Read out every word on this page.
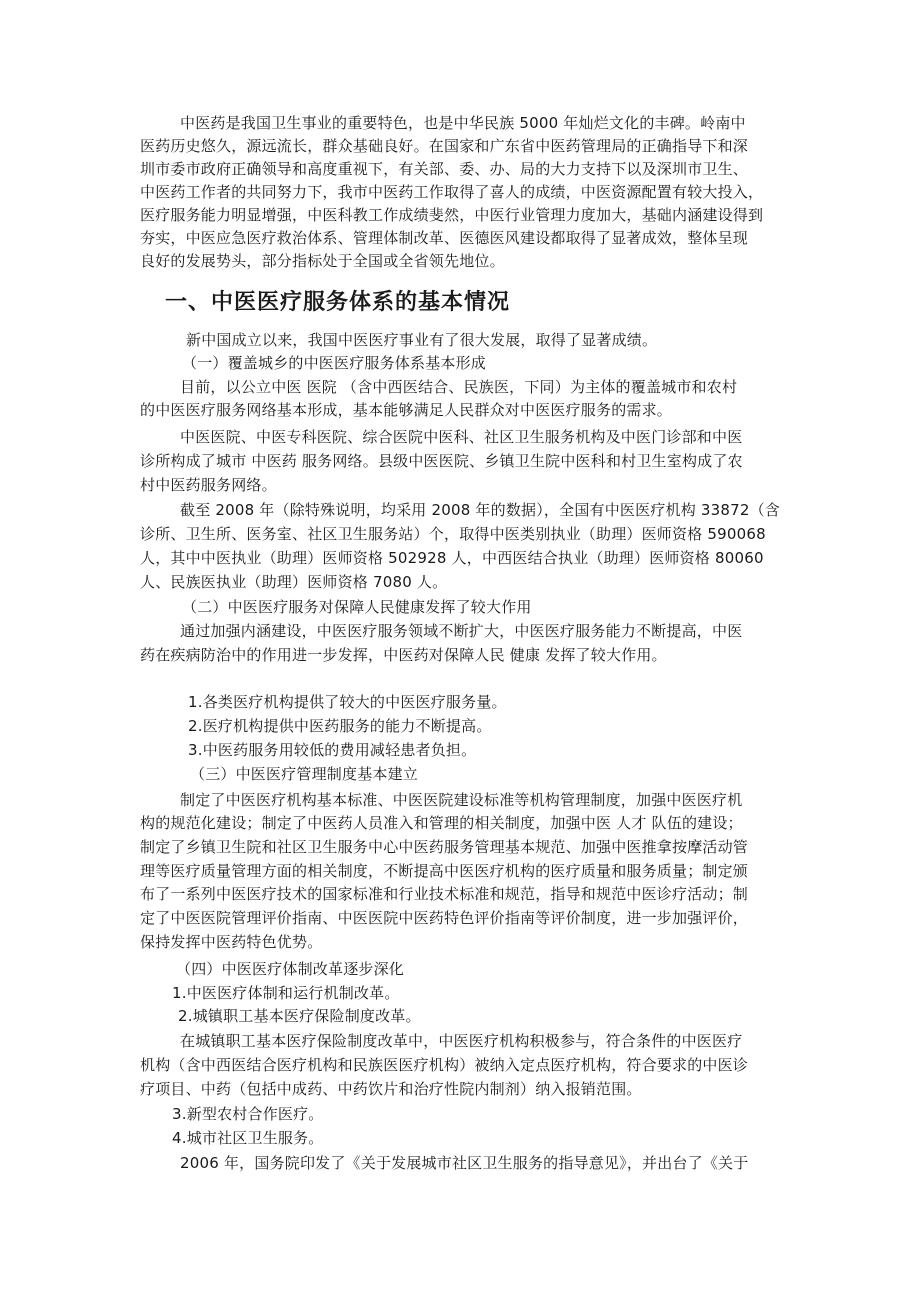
中医药是我国卫生事业的重要特色，也是中华民族 5000 年灿烂文化的丰碑。岭南中
医药历史悠久，源远流长，群众基础良好。在国家和广东省中医药管理局的正确指导下和深
圳市委市政府正确领导和高度重视下，有关部、委、办、局的大力支持下以及深圳市卫生、
中医药工作者的共同努力下，我市中医药工作取得了喜人的成绩，中医资源配置有较大投入，
医疗服务能力明显增强，中医科教工作成绩斐然，中医行业管理力度加大，基础内涵建设得到
夯实，中医应急医疗救治体系、管理体制改革、医德医风建设都取得了显著成效，整体呈现
良好的发展势头，部分指标处于全国或全省领先地位。
一、中医医疗服务体系的基本情况
新中国成立以来，我国中医医疗事业有了很大发展，取得了显著成绩。
（一）覆盖城乡的中医医疗服务体系基本形成
目前，以公立中医 医院 （含中西医结合、民族医，下同）为主体的覆盖城市和农村
的中医医疗服务网络基本形成，基本能够满足人民群众对中医医疗服务的需求。
中医医院、中医专科医院、综合医院中医科、社区卫生服务机构及中医门诊部和中医
诊所构成了城市 中医药 服务网络。县级中医医院、乡镇卫生院中医科和村卫生室构成了农
村中医药服务网络。
截至 2008 年（除特殊说明，均采用 2008 年的数据），全国有中医医疗机构 33872（含
诊所、卫生所、医务室、社区卫生服务站）个，取得中医类别执业（助理）医师资格 590068
人，其中中医执业（助理）医师资格 502928 人，中西医结合执业（助理）医师资格 80060
人、民族医执业（助理）医师资格 7080 人。
（二）中医医疗服务对保障人民健康发挥了较大作用
通过加强内涵建设，中医医疗服务领域不断扩大，中医医疗服务能力不断提高，中医
药在疾病防治中的作用进一步发挥，中医药对保障人民 健康 发挥了较大作用。
1.各类医疗机构提供了较大的中医医疗服务量。
2.医疗机构提供中医药服务的能力不断提高。
3.中医药服务用较低的费用减轻患者负担。
（三）中医医疗管理制度基本建立
制定了中医医疗机构基本标准、中医医院建设标准等机构管理制度，加强中医医疗机
构的规范化建设；制定了中医药人员准入和管理的相关制度，加强中医 人才 队伍的建设；
制定了乡镇卫生院和社区卫生服务中心中医药服务管理基本规范、加强中医推拿按摩活动管
理等医疗质量管理方面的相关制度，不断提高中医医疗机构的医疗质量和服务质量；制定颁
布了一系列中医医疗技术的国家标准和行业技术标准和规范，指导和规范中医诊疗活动；制
定了中医医院管理评价指南、中医医院中医药特色评价指南等评价制度，进一步加强评价，
保持发挥中医药特色优势。
（四）中医医疗体制改革逐步深化
1.中医医疗体制和运行机制改革。
2.城镇职工基本医疗保险制度改革。
在城镇职工基本医疗保险制度改革中，中医医疗机构积极参与，符合条件的中医医疗
机构（含中西医结合医疗机构和民族医医疗机构）被纳入定点医疗机构，符合要求的中医诊
疗项目、中药（包括中成药、中药饮片和治疗性院内制剂）纳入报销范围。
3.新型农村合作医疗。
4.城市社区卫生服务。
2006 年，国务院印发了《关于发展城市社区卫生服务的指导意见》，并出台了《关于
